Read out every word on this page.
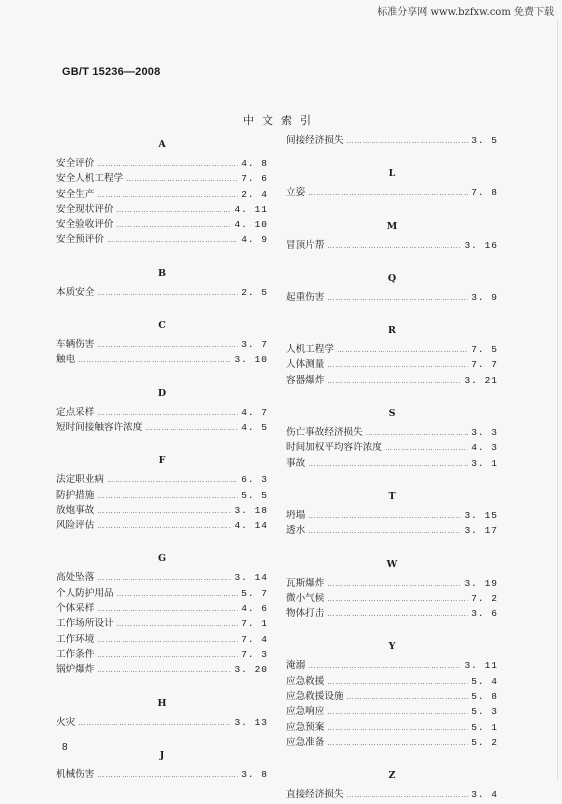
标准分享网 www.bzfxw.com 免费下载
GB/T 15236—2008
中文索引
A
安全评价 ………………………………………………………………………………………………………………………………	4. 8
安全人机工程学 ………………………………………………………………………………………………………………………………	7. 6
安全生产 ………………………………………………………………………………………………………………………………	2. 4
安全现状评价 ………………………………………………………………………………………………………………………………	4. 11
安全验收评价 ………………………………………………………………………………………………………………………………	4. 10
安全预评价 ………………………………………………………………………………………………………………………………	4. 9
B
本质安全 ………………………………………………………………………………………………………………………………	2. 5
C
车辆伤害 ………………………………………………………………………………………………………………………………	3. 7
触电 ………………………………………………………………………………………………………………………………	3. 10
D
定点采样 ………………………………………………………………………………………………………………………………	4. 7
短时间接触容许浓度 ………………………………………………………………………………………………………………………………	4. 5
F
法定职业病 ………………………………………………………………………………………………………………………………	6. 3
防护措施 ………………………………………………………………………………………………………………………………	5. 5
放炮事故 ………………………………………………………………………………………………………………………………	3. 18
风险评估 ………………………………………………………………………………………………………………………………	4. 14
G
高处坠落 ………………………………………………………………………………………………………………………………	3. 14
个人防护用品 ………………………………………………………………………………………………………………………………	5. 7
个体采样 ………………………………………………………………………………………………………………………………	4. 6
工作场所设计 ………………………………………………………………………………………………………………………………	7. 1
工作环境 ………………………………………………………………………………………………………………………………	7. 4
工作条件 ………………………………………………………………………………………………………………………………	7. 3
锅炉爆炸 ………………………………………………………………………………………………………………………………	3. 20
H
火灾 ………………………………………………………………………………………………………………………………	3. 13
J
机械伤害 ………………………………………………………………………………………………………………………………	3. 8
间接经济损失 ………………………………………………………………………………………………………………………………	3. 5
L
立姿 ………………………………………………………………………………………………………………………………	7. 8
M
冒顶片帮 ………………………………………………………………………………………………………………………………	3. 16
Q
起重伤害 ………………………………………………………………………………………………………………………………	3. 9
R
人机工程学 ………………………………………………………………………………………………………………………………	7. 5
人体测量 ………………………………………………………………………………………………………………………………	7. 7
容器爆炸 ………………………………………………………………………………………………………………………………	3. 21
S
伤亡事故经济损失 ………………………………………………………………………………………………………………………………	3. 3
时间加权平均容许浓度 ………………………………………………………………………………………………………………………………	4. 3
事故 ………………………………………………………………………………………………………………………………	3. 1
T
坍塌 ………………………………………………………………………………………………………………………………	3. 15
透水 ………………………………………………………………………………………………………………………………	3. 17
W
瓦斯爆炸 ………………………………………………………………………………………………………………………………	3. 19
微小气候 ………………………………………………………………………………………………………………………………	7. 2
物体打击 ………………………………………………………………………………………………………………………………	3. 6
Y
淹溺 ………………………………………………………………………………………………………………………………	3. 11
应急救援 ………………………………………………………………………………………………………………………………	5. 4
应急救援设施 ………………………………………………………………………………………………………………………………	5. 8
应急响应 ………………………………………………………………………………………………………………………………	5. 3
应急预案 ………………………………………………………………………………………………………………………………	5. 1
应急准备 ………………………………………………………………………………………………………………………………	5. 2
Z
直接经济损失 ………………………………………………………………………………………………………………………………	3. 4
8
